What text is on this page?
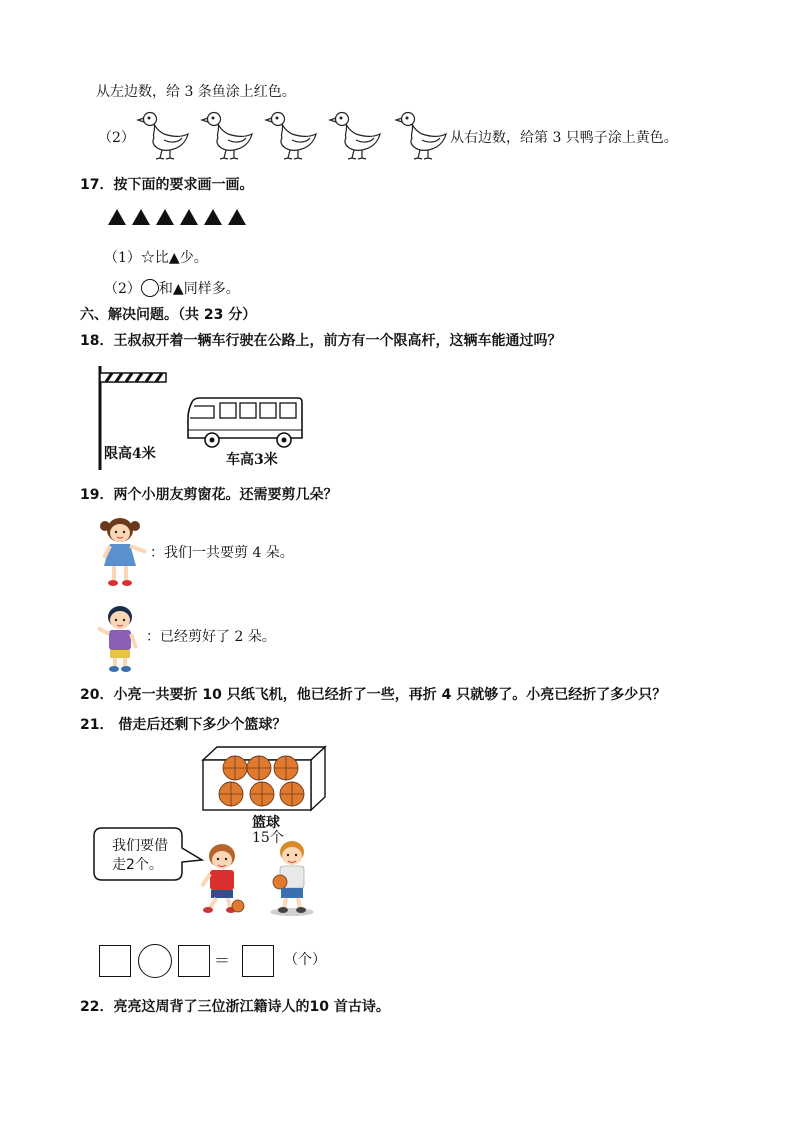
从左边数，给 3 条鱼涂上红色。
（2）	从右边数，给第 3 只鸭子涂上黄色。
17．按下面的要求画一画。
（1）☆比▲少。
（2） 和▲同样多。
六、解决问题。（共 23 分）
18．王叔叔开着一辆车行驶在公路上，前方有一个限高杆，这辆车能通过吗？
限高4米	车高3米
19．两个小朋友剪窗花。还需要剪几朵？
：我们一共要剪 4 朵。
：已经剪好了 2 朵。
20．小亮一共要折 10 只纸飞机，他已经折了一些，再折 4 只就够了。小亮已经折了多少只？
21． 借走后还剩下多少个篮球？
篮球
15个
我们要借
走2个。
＝	（个）
22．亮亮这周背了三位浙江籍诗人的10 首古诗。
